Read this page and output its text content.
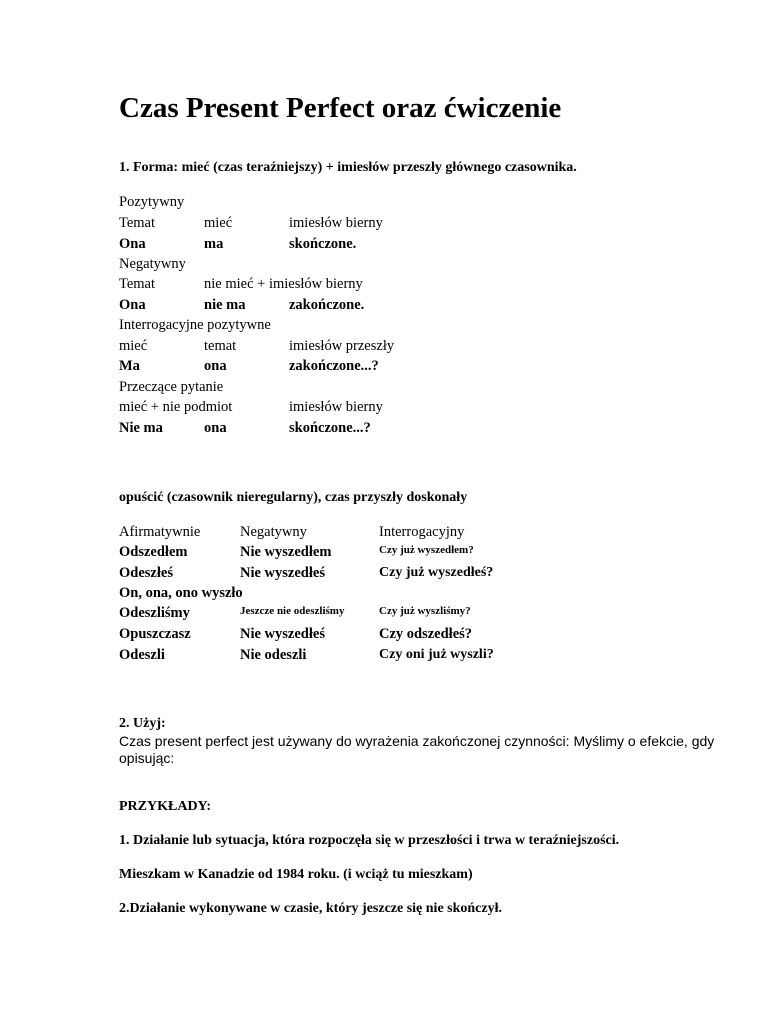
Czas Present Perfect oraz ćwiczenie
1. Forma: mieć (czas teraźniejszy) + imiesłów przeszły głównego czasownika.
Pozytywny
Temat	mieć	imiesłów bierny
Ona	ma	skończone.
Negatywny
Temat	nie mieć + imiesłów bierny
Ona	nie ma	zakończone.
Interrogacyjne pozytywne
mieć	temat	imiesłów przeszły
Ma	ona	zakończone...?
Przeczące pytanie
mieć + nie podmiot	imiesłów bierny
Nie ma	ona	skończone...?
opuścić (czasownik nieregularny), czas przyszły doskonały
Afirmatywnie	Negatywny	Interrogacyjny
Odszedłem	Nie wyszedłem	Czy już wyszedłem?
Odeszłeś	Nie wyszedłeś	Czy już wyszedłeś?
On, ona, ono wyszło
Odeszliśmy	Jeszcze nie odeszliśmy	Czy już wyszliśmy?
Opuszczasz	Nie wyszedłeś	Czy odszedłeś?
Odeszli	Nie odeszli	Czy oni już wyszli?
2. Użyj:
Czas present perfect jest używany do wyrażenia zakończonej czynności: Myślimy o efekcie, gdy
opisując:
PRZYKŁADY:
1. Działanie lub sytuacja, która rozpoczęła się w przeszłości i trwa w teraźniejszości.
Mieszkam w Kanadzie od 1984 roku. (i wciąż tu mieszkam)
2.Działanie wykonywane w czasie, który jeszcze się nie skończył.
